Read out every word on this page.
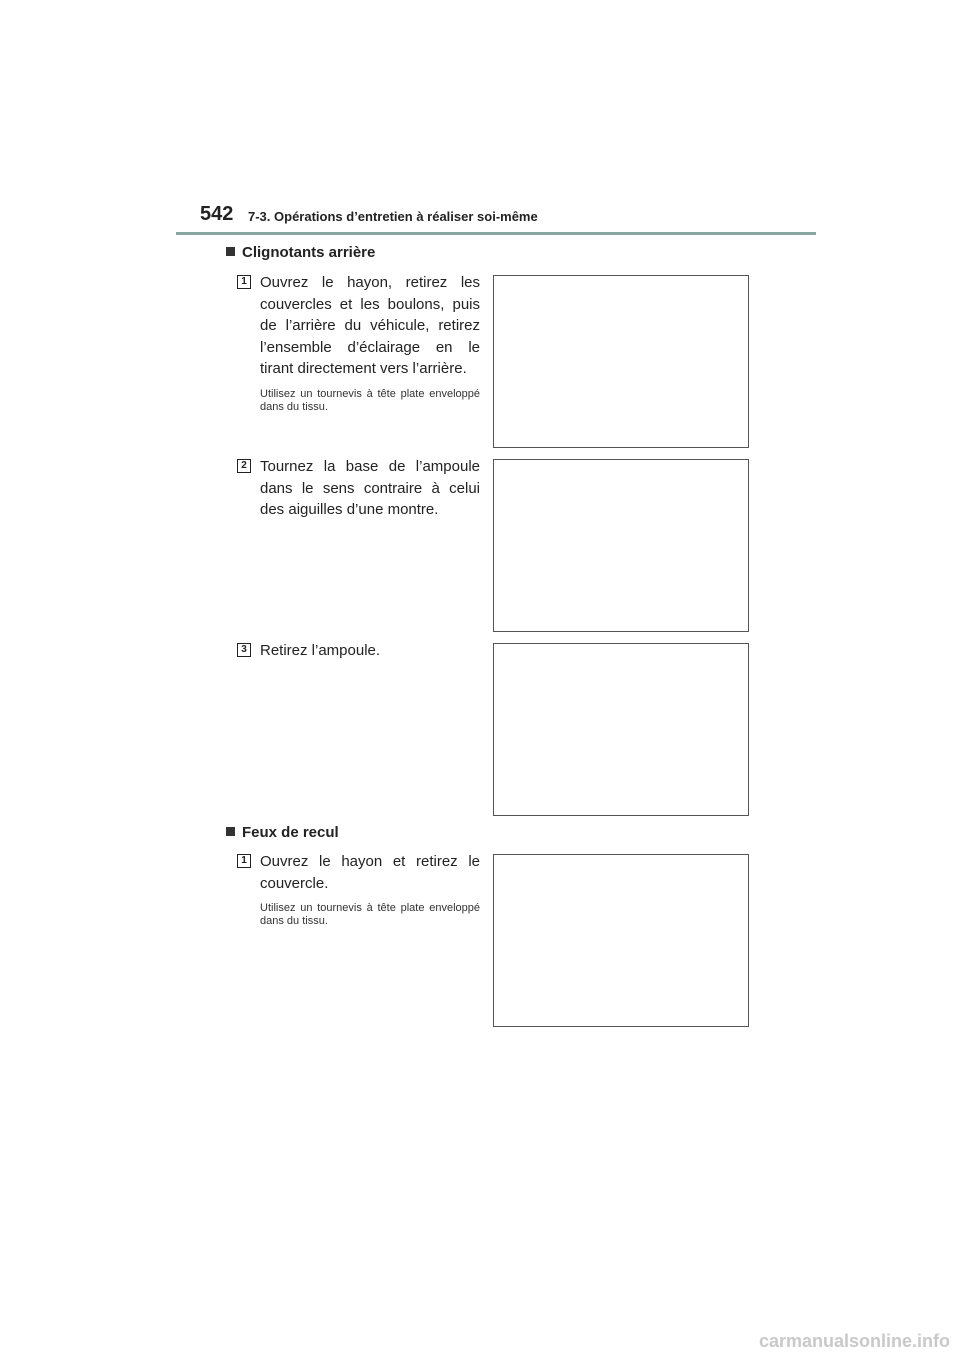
542 7-3. Opérations d’entretien à réaliser soi-même
Clignotants arrière
1 Ouvrez le hayon, retirez les couvercles et les boulons, puis de l’arrière du véhicule, retirez l’ensemble d’éclairage en le tirant directement vers l’arrière.
Utilisez un tournevis à tête plate enveloppé dans du tissu.
2 Tournez la base de l’ampoule dans le sens contraire à celui des aiguilles d’une montre.
3 Retirez l’ampoule.
Feux de recul
1 Ouvrez le hayon et retirez le couvercle.
Utilisez un tournevis à tête plate enveloppé dans du tissu.
carmanualsonline.info
